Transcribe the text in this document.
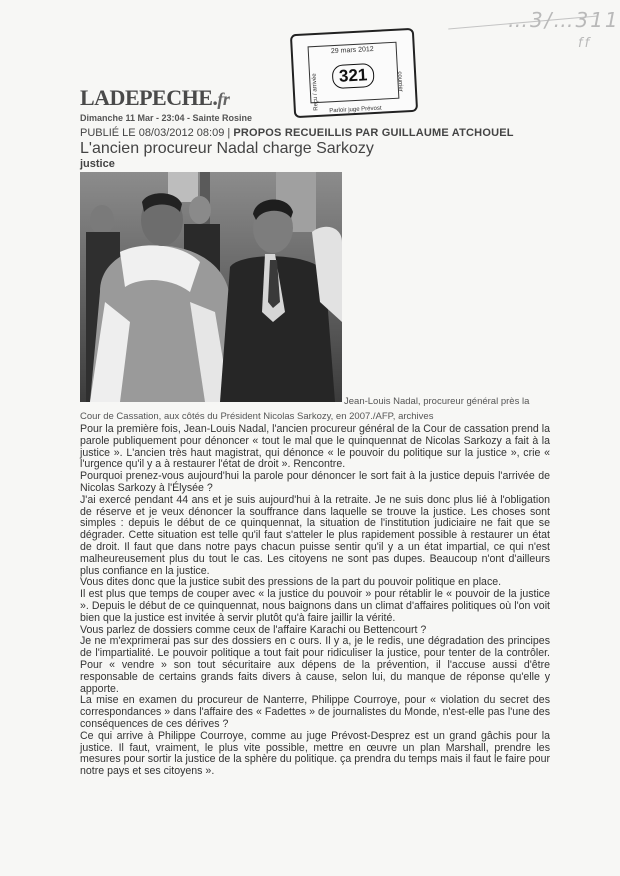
…3/…311
ff
29 mars 2012
321
Reçu / arrivée	courrier
Parloir juge Prévost
LADEPECHE.fr
Dimanche 11 Mar - 23:04 - Sainte Rosine
PUBLIÉ LE 08/03/2012 08:09 | PROPOS RECUEILLIS PAR GUILLAUME ATCHOUEL
L'ancien procureur Nadal charge Sarkozy
justice
Jean-Louis Nadal, procureur général près la
Cour de Cassation, aux côtés du Président Nicolas Sarkozy, en 2007./AFP, archives

Pour la première fois, Jean-Louis Nadal, l'ancien procureur général de la Cour de cassation prend la parole publiquement pour dénoncer « tout le mal que le quinquennat de Nicolas Sarkozy a fait à la justice ». L'ancien très haut magistrat, qui dénonce « le pouvoir du politique sur la justice », crie « l'urgence qu'il y a à restaurer l'état de droit ». Rencontre.

Pourquoi prenez-vous aujourd'hui la parole pour dénoncer le sort fait à la justice depuis l'arrivée de Nicolas Sarkozy à l'Élysée ?

J'ai exercé pendant 44 ans et je suis aujourd'hui à la retraite. Je ne suis donc plus lié à l'obligation de réserve et je veux dénoncer la souffrance dans laquelle se trouve la justice. Les choses sont simples : depuis le début de ce quinquennat, la situation de l'institution judiciaire ne fait que se dégrader. Cette situation est telle qu'il faut s'atteler le plus rapidement possible à restaurer un état de droit. Il faut que dans notre pays chacun puisse sentir qu'il y a un état impartial, ce qui n'est malheureusement plus du tout le cas. Les citoyens ne sont pas dupes. Beaucoup n'ont d'ailleurs plus confiance en la justice.

Vous dites donc que la justice subit des pressions de la part du pouvoir politique en place.

Il est plus que temps de couper avec « la justice du pouvoir » pour rétablir le « pouvoir de la justice ». Depuis le début de ce quinquennat, nous baignons dans un climat d'affaires politiques où l'on voit bien que la justice est invitée à servir plutôt qu'à faire jaillir la vérité.

Vous parlez de dossiers comme ceux de l'affaire Karachi ou Bettencourt ?

Je ne m'exprimerai pas sur des dossiers en c ours. Il y a, je le redis, une dégradation des principes de l'impartialité. Le pouvoir politique a tout fait pour ridiculiser la justice, pour tenter de la contrôler. Pour « vendre » son tout sécuritaire aux dépens de la prévention, il l'accuse aussi d'être responsable de certains grands faits divers à cause, selon lui, du manque de réponse qu'elle y apporte.

La mise en examen du procureur de Nanterre, Philippe Courroye, pour « violation du secret des correspondances » dans l'affaire des « Fadettes » de journalistes du Monde, n'est-elle pas l'une des conséquences de ces dérives ?

Ce qui arrive à Philippe Courroye, comme au juge Prévost-Desprez est un grand gâchis pour la justice. Il faut, vraiment, le plus vite possible, mettre en œuvre un plan Marshall, prendre les mesures pour sortir la justice de la sphère du politique. ça prendra du temps mais il faut le faire pour notre pays et ses citoyens ».
